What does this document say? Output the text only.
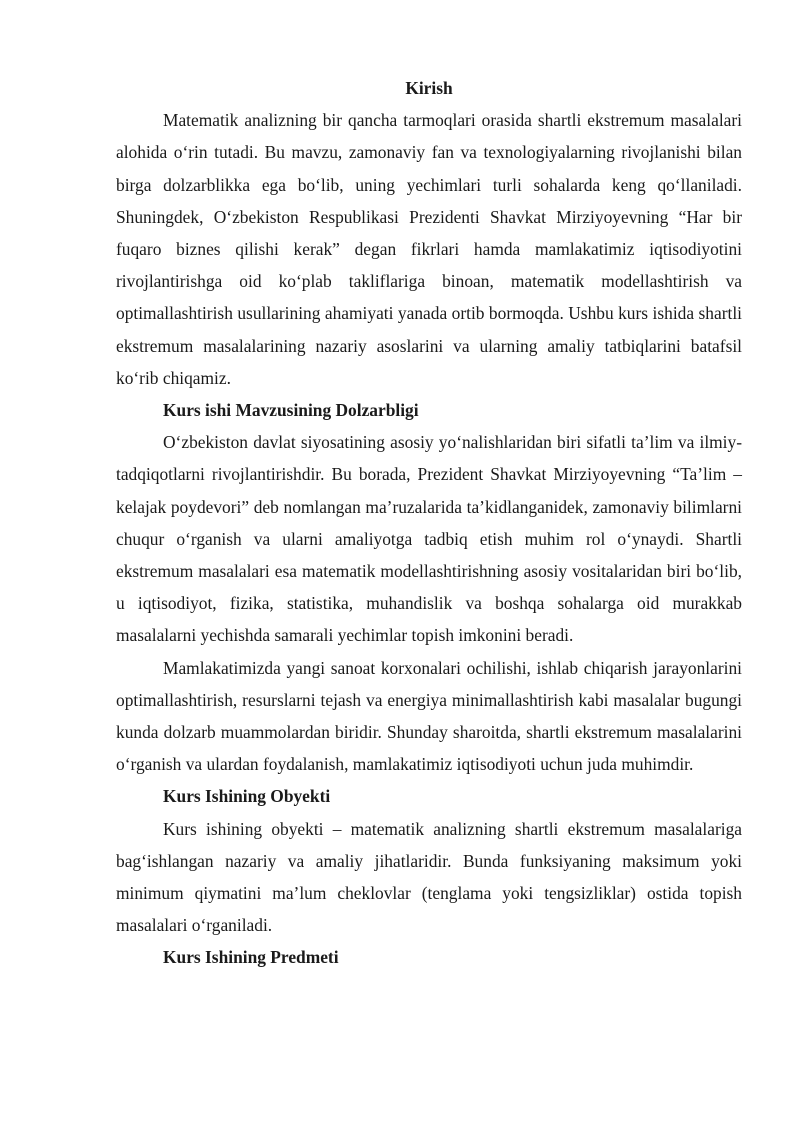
Kirish

Matematik analizning bir qancha tarmoqlari orasida shartli ekstremum masalalari alohida o‘rin tutadi. Bu mavzu, zamonaviy fan va texnologiyalarning rivojlanishi bilan birga dolzarblikka ega bo‘lib, uning yechimlari turli sohalarda keng qo‘llaniladi. Shuningdek, O‘zbekiston Respublikasi Prezidenti Shavkat Mirziyoyevning “Har bir fuqaro biznes qilishi kerak” degan fikrlari hamda mamlakatimiz iqtisodiyotini rivojlantirishga oid ko‘plab takliflariga binoan, matematik modellashtirish va optimallashtirish usullarining ahamiyati yanada ortib bormoqda. Ushbu kurs ishida shartli ekstremum masalalarining nazariy asoslarini va ularning amaliy tatbiqlarini batafsil ko‘rib chiqamiz.

Kurs ishi Mavzusining Dolzarbligi

O‘zbekiston davlat siyosatining asosiy yo‘nalishlaridan biri sifatli ta’lim va ilmiy-tadqiqotlarni rivojlantirishdir. Bu borada, Prezident Shavkat Mirziyoyevning “Ta’lim – kelajak poydevori” deb nomlangan ma’ruzalarida ta’kidlanganidek, zamonaviy bilimlarni chuqur o‘rganish va ularni amaliyotga tadbiq etish muhim rol o‘ynaydi. Shartli ekstremum masalalari esa matematik modellashtirishning asosiy vositalaridan biri bo‘lib, u iqtisodiyot, fizika, statistika, muhandislik va boshqa sohalarga oid murakkab masalalarni yechishda samarali yechimlar topish imkonini beradi.

Mamlakatimizda yangi sanoat korxonalari ochilishi, ishlab chiqarish jarayonlarini optimallashtirish, resurslarni tejash va energiya minimallashtirish kabi masalalar bugungi kunda dolzarb muammolardan biridir. Shunday sharoitda, shartli ekstremum masalalarini o‘rganish va ulardan foydalanish, mamlakatimiz iqtisodiyoti uchun juda muhimdir.

Kurs Ishining Obyekti

Kurs ishining obyekti – matematik analizning shartli ekstremum masalalariga bag‘ishlangan nazariy va amaliy jihatlaridir. Bunda funksiyaning maksimum yoki minimum qiymatini ma’lum cheklovlar (tenglama yoki tengsizliklar) ostida topish masalalari o‘rganiladi.

Kurs Ishining Predmeti
